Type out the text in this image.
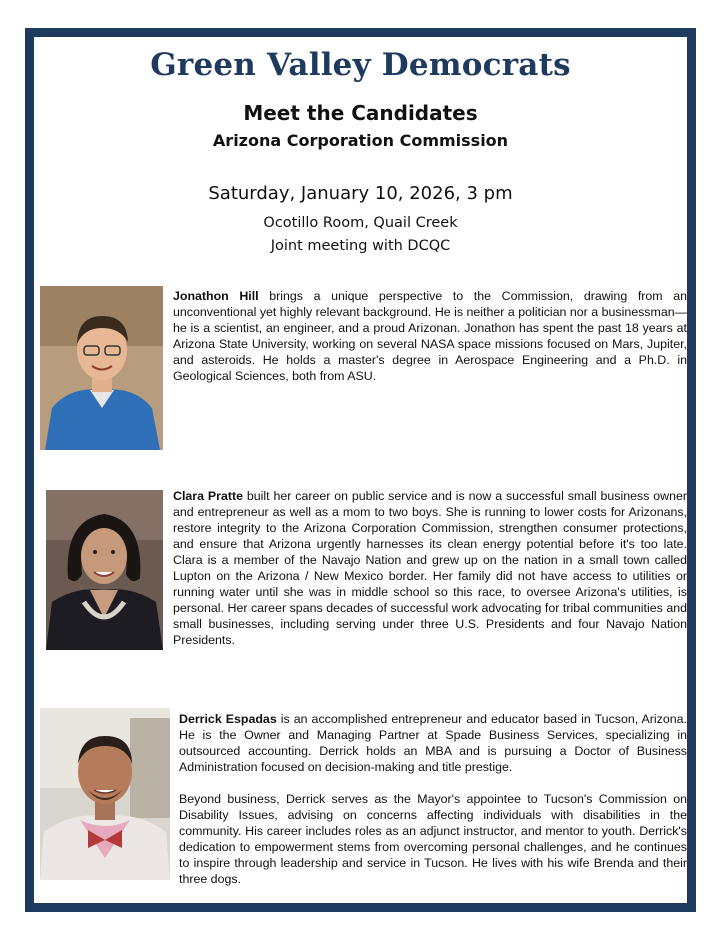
Green Valley Democrats
Meet the Candidates
Arizona Corporation Commission
Saturday, January 10, 2026, 3 pm
Ocotillo Room, Quail Creek
Joint meeting with DCQC

Jonathon Hill brings a unique perspective to the Commission, drawing from an unconventional yet highly relevant background. He is neither a politician nor a businessman—he is a scientist, an engineer, and a proud Arizonan. Jonathon has spent the past 18 years at Arizona State University, working on several NASA space missions focused on Mars, Jupiter, and asteroids. He holds a master's degree in Aerospace Engineering and a Ph.D. in Geological Sciences, both from ASU.

Clara Pratte built her career on public service and is now a successful small business owner and entrepreneur as well as a mom to two boys. She is running to lower costs for Arizonans, restore integrity to the Arizona Corporation Commission, strengthen consumer protections, and ensure that Arizona urgently harnesses its clean energy potential before it's too late. Clara is a member of the Navajo Nation and grew up on the nation in a small town called Lupton on the Arizona / New Mexico border. Her family did not have access to utilities or running water until she was in middle school so this race, to oversee Arizona's utilities, is personal. Her career spans decades of successful work advocating for tribal communities and small businesses, including serving under three U.S. Presidents and four Navajo Nation Presidents.

Derrick Espadas is an accomplished entrepreneur and educator based in Tucson, Arizona. He is the Owner and Managing Partner at Spade Business Services, specializing in outsourced accounting. Derrick holds an MBA and is pursuing a Doctor of Business Administration focused on decision-making and title prestige.

Beyond business, Derrick serves as the Mayor's appointee to Tucson's Commission on Disability Issues, advising on concerns affecting individuals with disabilities in the community. His career includes roles as an adjunct instructor, and mentor to youth. Derrick's dedication to empowerment stems from overcoming personal challenges, and he continues to inspire through leadership and service in Tucson. He lives with his wife Brenda and their three dogs.
